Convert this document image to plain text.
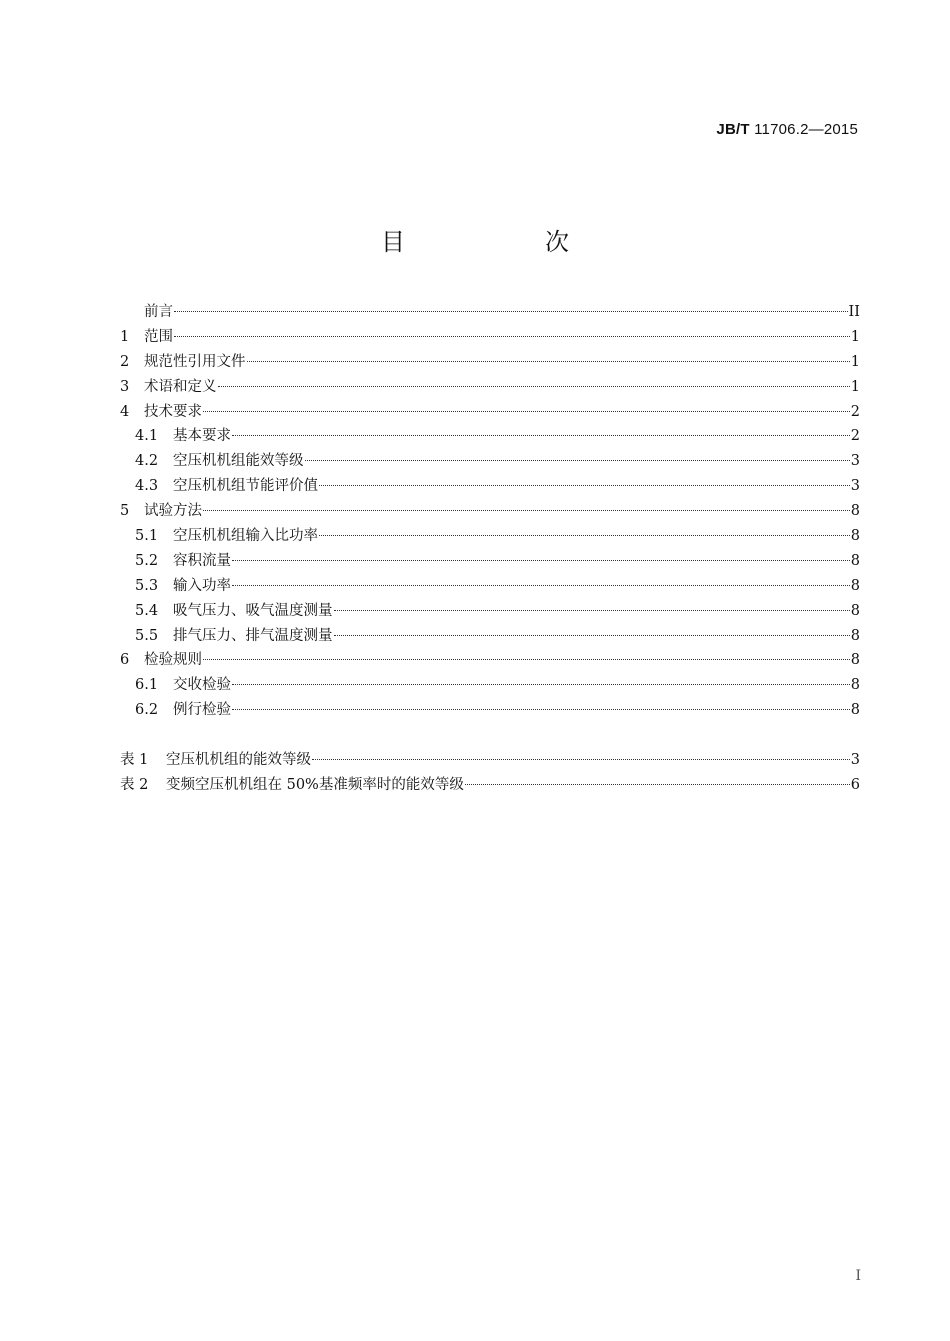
JB/T 11706.2—2015
目　次
前言	II
1	范围	1
2	规范性引用文件	1
3	术语和定义	1
4	技术要求	2
4.1	基本要求	2
4.2	空压机机组能效等级	3
4.3	空压机机组节能评价值	3
5	试验方法	8
5.1	空压机机组输入比功率	8
5.2	容积流量	8
5.3	输入功率	8
5.4	吸气压力、吸气温度测量	8
5.5	排气压力、排气温度测量	8
6	检验规则	8
6.1	交收检验	8
6.2	例行检验	8
表 1	空压机机组的能效等级	3
表 2	变频空压机机组在 50%基准频率时的能效等级	6
I
